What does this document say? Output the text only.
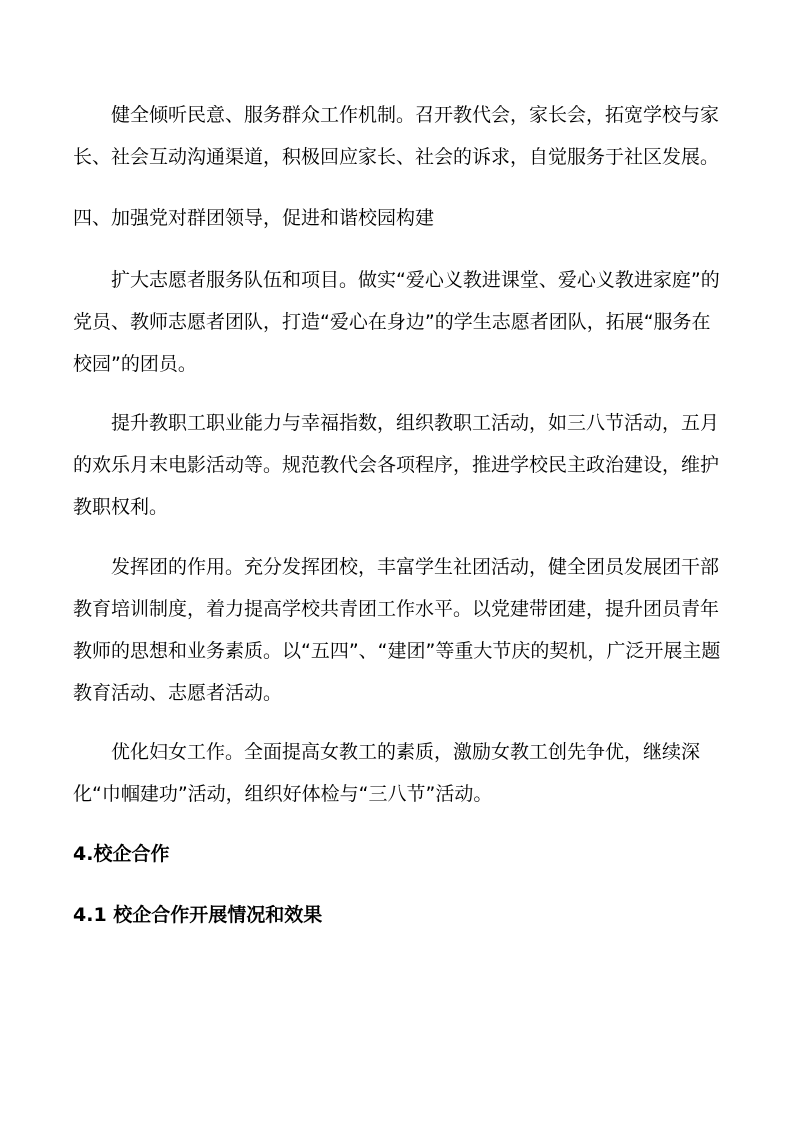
健全倾听民意、服务群众工作机制。召开教代会，家长会，拓宽学校与家长、社会互动沟通渠道，积极回应家长、社会的诉求，自觉服务于社区发展。

四、加强党对群团领导，促进和谐校园构建

扩大志愿者服务队伍和项目。做实“爱心义教进课堂、爱心义教进家庭”的党员、教师志愿者团队，打造“爱心在身边”的学生志愿者团队，拓展“服务在校园”的团员。

提升教职工职业能力与幸福指数，组织教职工活动，如三八节活动，五月的欢乐月末电影活动等。规范教代会各项程序，推进学校民主政治建设，维护教职权利。

发挥团的作用。充分发挥团校，丰富学生社团活动，健全团员发展团干部教育培训制度，着力提高学校共青团工作水平。以党建带团建，提升团员青年教师的思想和业务素质。以“五四”、“建团”等重大节庆的契机，广泛开展主题教育活动、志愿者活动。

优化妇女工作。全面提高女教工的素质，激励女教工创先争优，继续深化“巾帼建功”活动，组织好体检与“三八节”活动。

4.校企合作

4.1 校企合作开展情况和效果
